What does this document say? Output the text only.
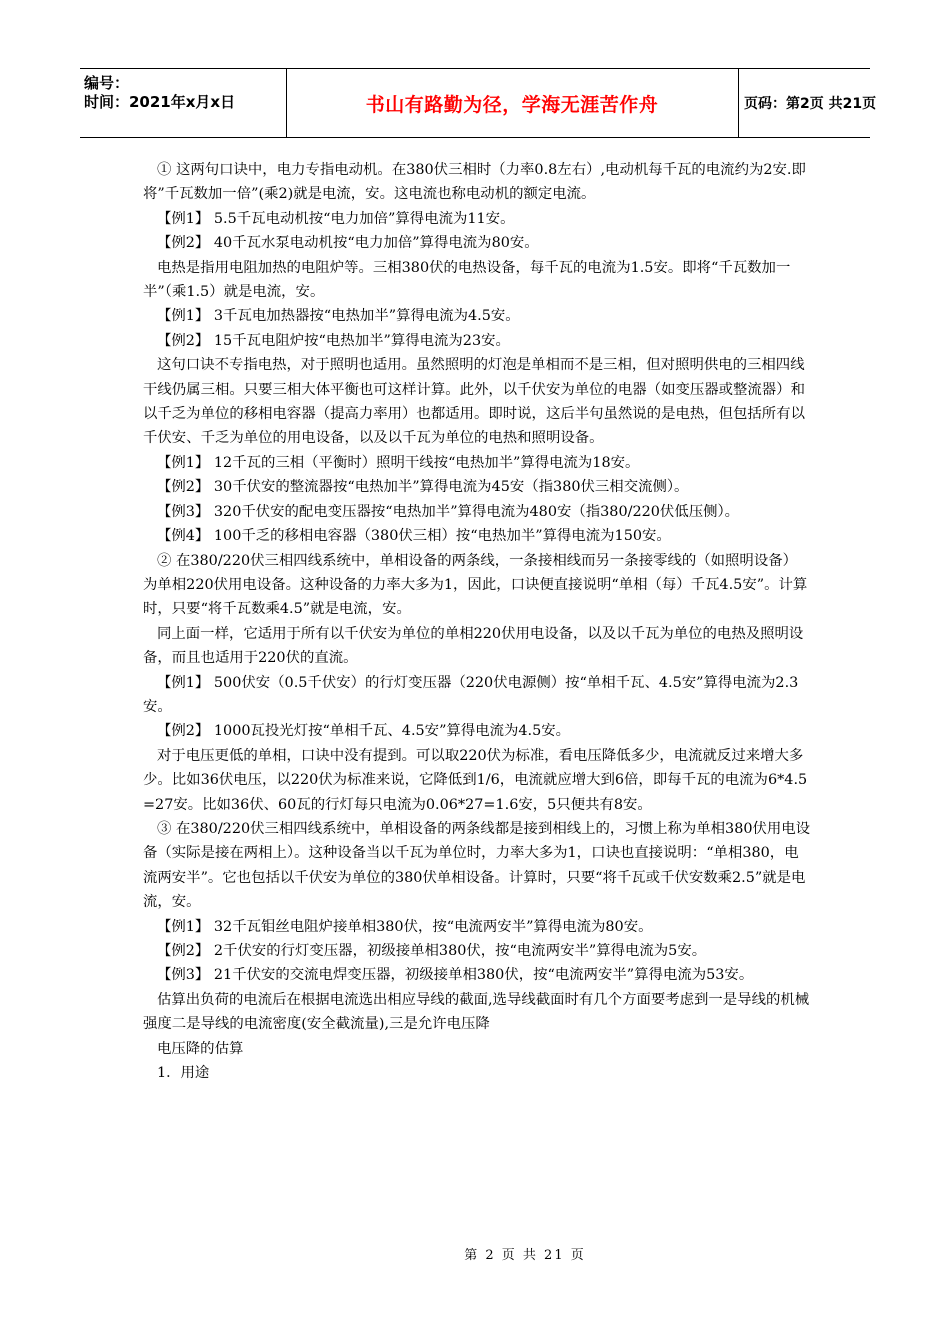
编号：
时间：2021年x月x日	书山有路勤为径，学海无涯苦作舟	页码：第2页 共21页

① 这两句口诀中，电力专指电动机。在380伏三相时（力率0.8左右）,电动机每千瓦的电流约为2安.即将”千瓦数加一倍”(乘2)就是电流，安。这电流也称电动机的额定电流。

【例1】 5.5千瓦电动机按“电力加倍”算得电流为11安。

【例2】 40千瓦水泵电动机按“电力加倍”算得电流为80安。

电热是指用电阻加热的电阻炉等。三相380伏的电热设备，每千瓦的电流为1.5安。即将“千瓦数加一半”（乘1.5）就是电流，安。

【例1】 3千瓦电加热器按“电热加半”算得电流为4.5安。

【例2】 15千瓦电阻炉按“电热加半”算得电流为23安。

这句口诀不专指电热，对于照明也适用。虽然照明的灯泡是单相而不是三相，但对照明供电的三相四线干线仍属三相。只要三相大体平衡也可这样计算。此外，以千伏安为单位的电器（如变压器或整流器）和以千乏为单位的移相电容器（提高力率用）也都适用。即时说，这后半句虽然说的是电热，但包括所有以千伏安、千乏为单位的用电设备，以及以千瓦为单位的电热和照明设备。

【例1】 12千瓦的三相（平衡时）照明干线按“电热加半”算得电流为18安。

【例2】 30千伏安的整流器按“电热加半”算得电流为45安（指380伏三相交流侧）。

【例3】 320千伏安的配电变压器按“电热加半”算得电流为480安（指380/220伏低压侧）。

【例4】 100千乏的移相电容器（380伏三相）按“电热加半”算得电流为150安。

② 在380/220伏三相四线系统中，单相设备的两条线，一条接相线而另一条接零线的（如照明设备）为单相220伏用电设备。这种设备的力率大多为1，因此，口诀便直接说明“单相（每）千瓦4.5安”。计算时，只要“将千瓦数乘4.5”就是电流，安。

同上面一样，它适用于所有以千伏安为单位的单相220伏用电设备，以及以千瓦为单位的电热及照明设备，而且也适用于220伏的直流。

【例1】 500伏安（0.5千伏安）的行灯变压器（220伏电源侧）按“单相千瓦、4.5安”算得电流为2.3安。

【例2】 1000瓦投光灯按“单相千瓦、4.5安”算得电流为4.5安。

对于电压更低的单相，口诀中没有提到。可以取220伏为标准，看电压降低多少，电流就反过来增大多少。比如36伏电压，以220伏为标准来说，它降低到1/6，电流就应增大到6倍，即每千瓦的电流为6*4.5=27安。比如36伏、60瓦的行灯每只电流为0.06*27=1.6安，5只便共有8安。

③ 在380/220伏三相四线系统中，单相设备的两条线都是接到相线上的，习惯上称为单相380伏用电设备（实际是接在两相上）。这种设备当以千瓦为单位时，力率大多为1，口诀也直接说明：“单相380，电流两安半”。它也包括以千伏安为单位的380伏单相设备。计算时，只要“将千瓦或千伏安数乘2.5”就是电流，安。

【例1】 32千瓦钼丝电阻炉接单相380伏，按“电流两安半”算得电流为80安。

【例2】 2千伏安的行灯变压器，初级接单相380伏，按“电流两安半”算得电流为5安。

【例3】 21千伏安的交流电焊变压器，初级接单相380伏，按“电流两安半”算得电流为53安。

估算出负荷的电流后在根据电流选出相应导线的截面,选导线截面时有几个方面要考虑到一是导线的机械强度二是导线的电流密度(安全截流量),三是允许电压降

电压降的估算

1．用途

第 2 页 共 21 页
